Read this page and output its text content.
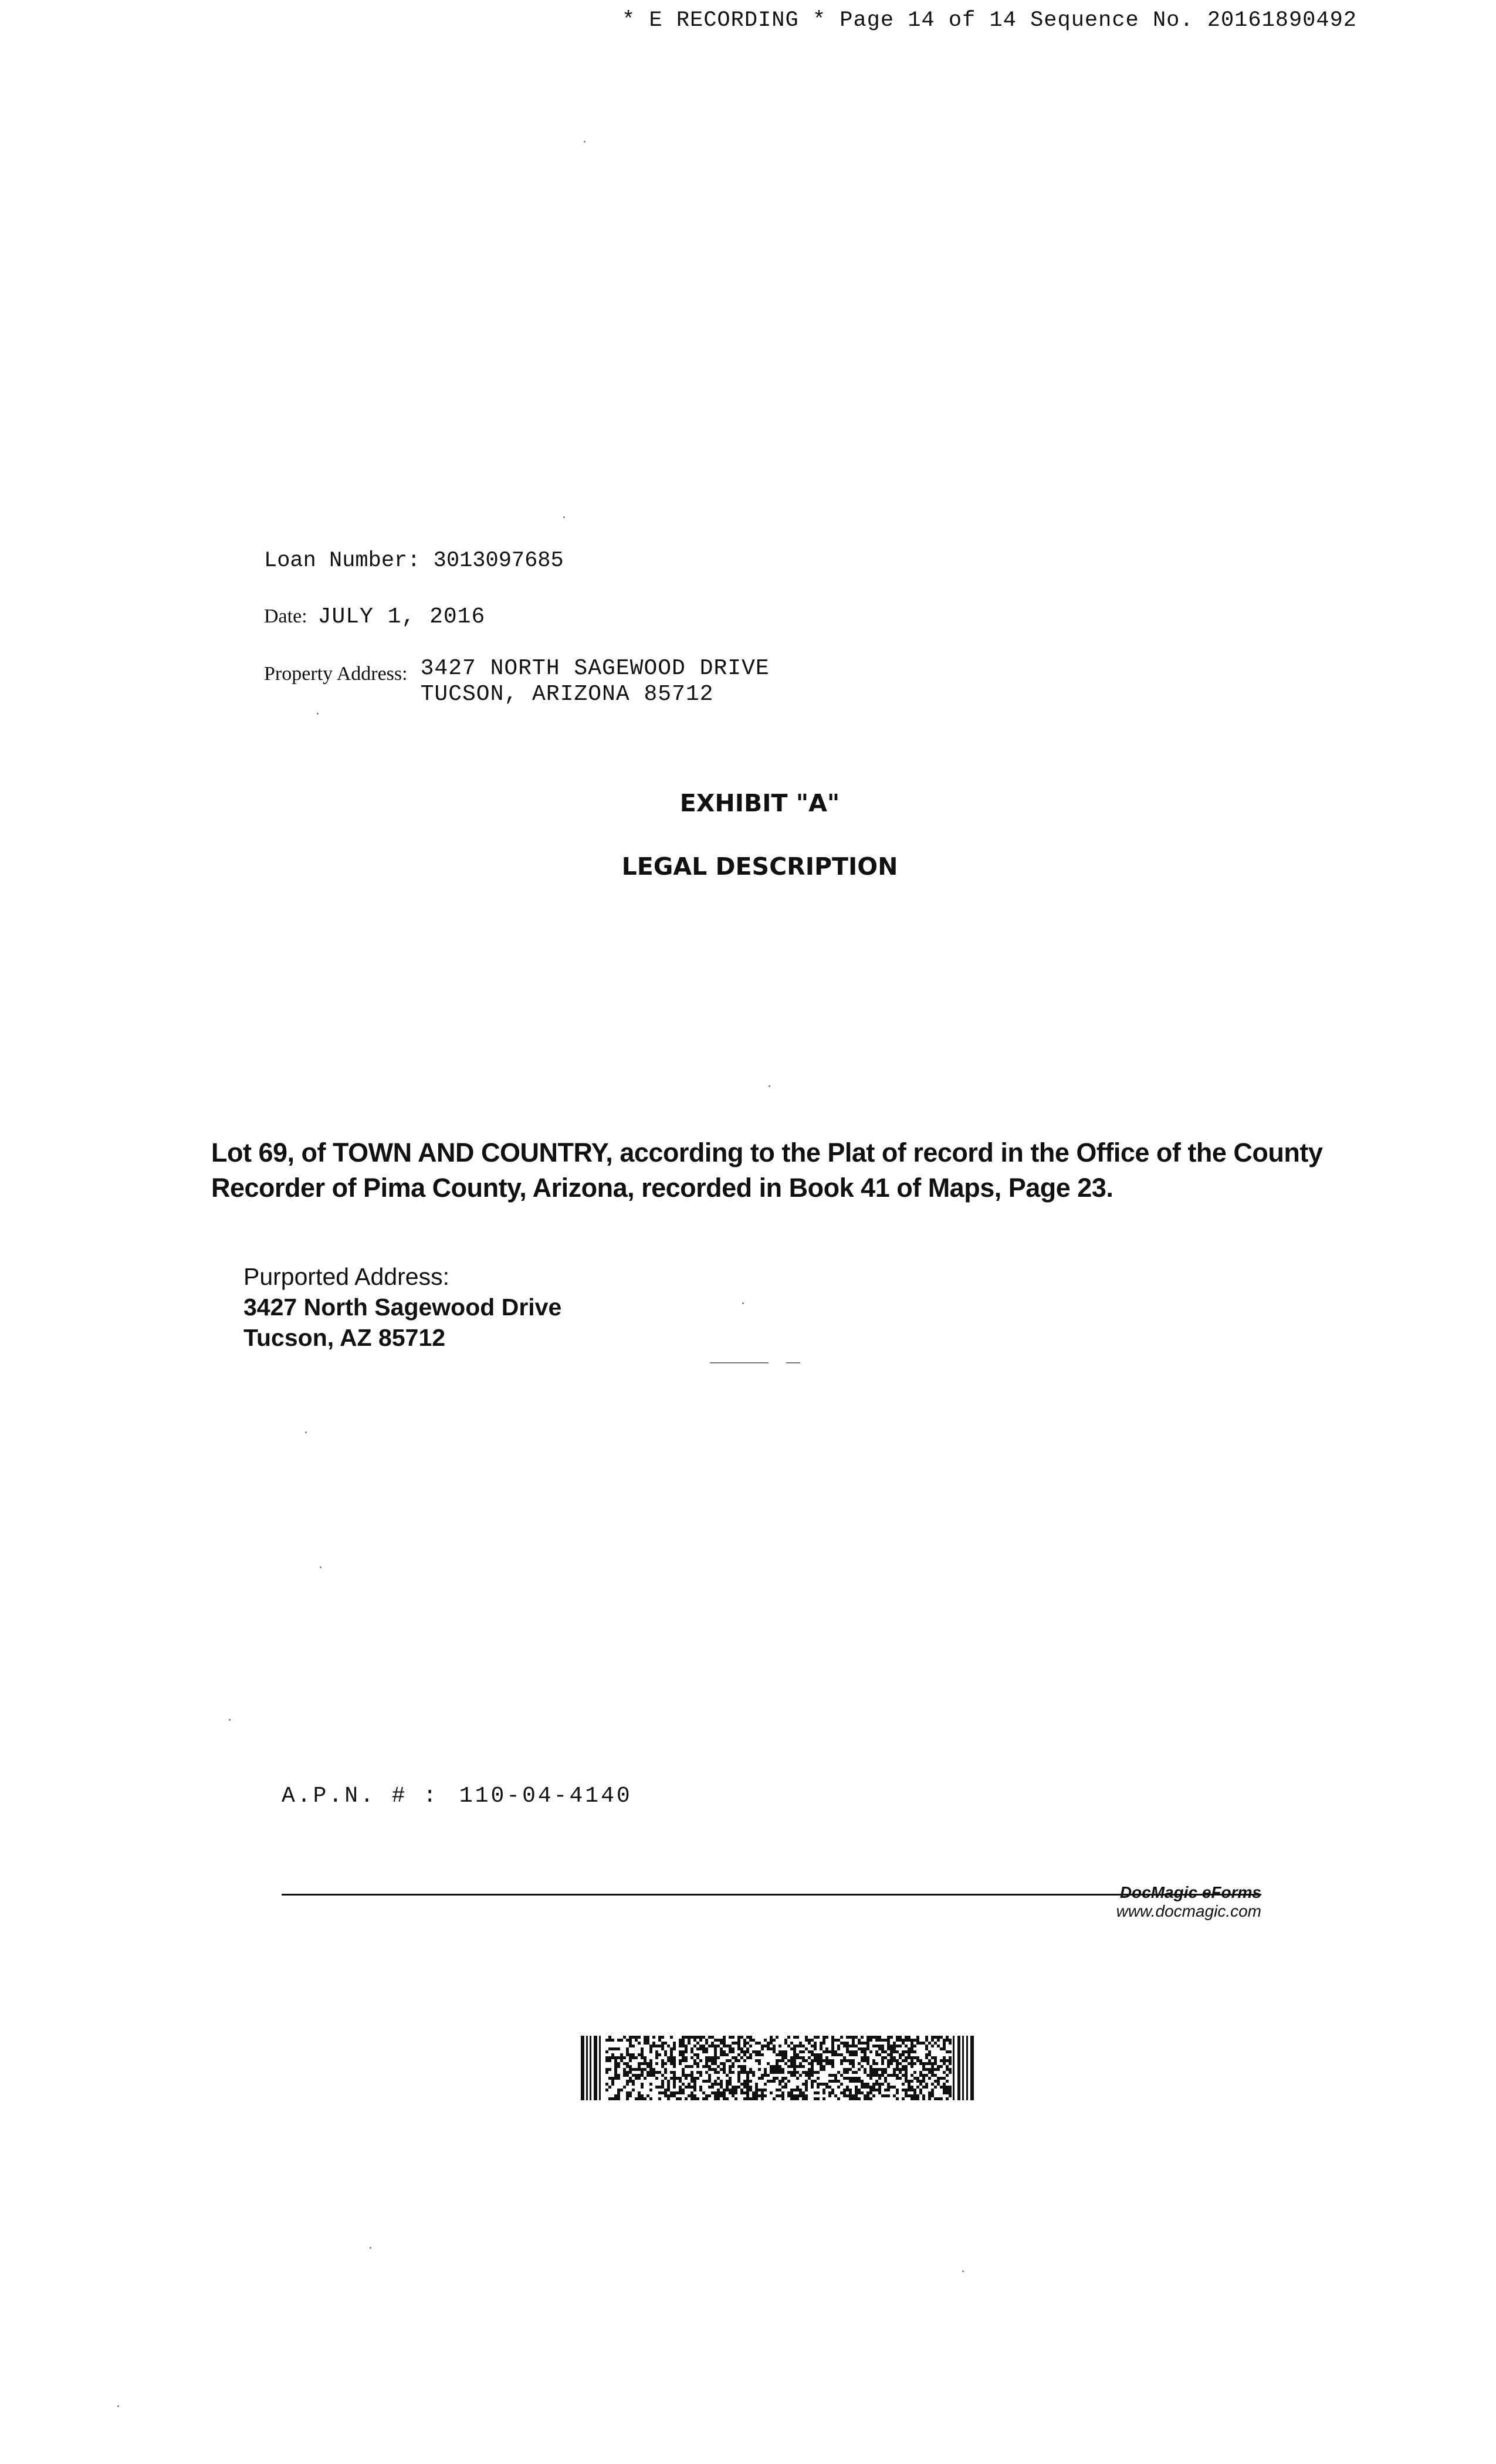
* E RECORDING * Page 14 of 14 Sequence No. 20161890492
Loan Number: 3013097685
Date: JULY 1, 2016
Property Address: 3427 NORTH SAGEWOOD DRIVE
TUCSON, ARIZONA 85712
EXHIBIT "A"
LEGAL DESCRIPTION
Lot 69, of TOWN AND COUNTRY, according to the Plat of record in the Office of the County
Recorder of Pima County, Arizona, recorded in Book 41 of Maps, Page 23.
Purported Address:
3427 North Sagewood Drive
Tucson, AZ 85712
A.P.N. # : 110-04-4140
DocMagic eForms
www.docmagic.com
